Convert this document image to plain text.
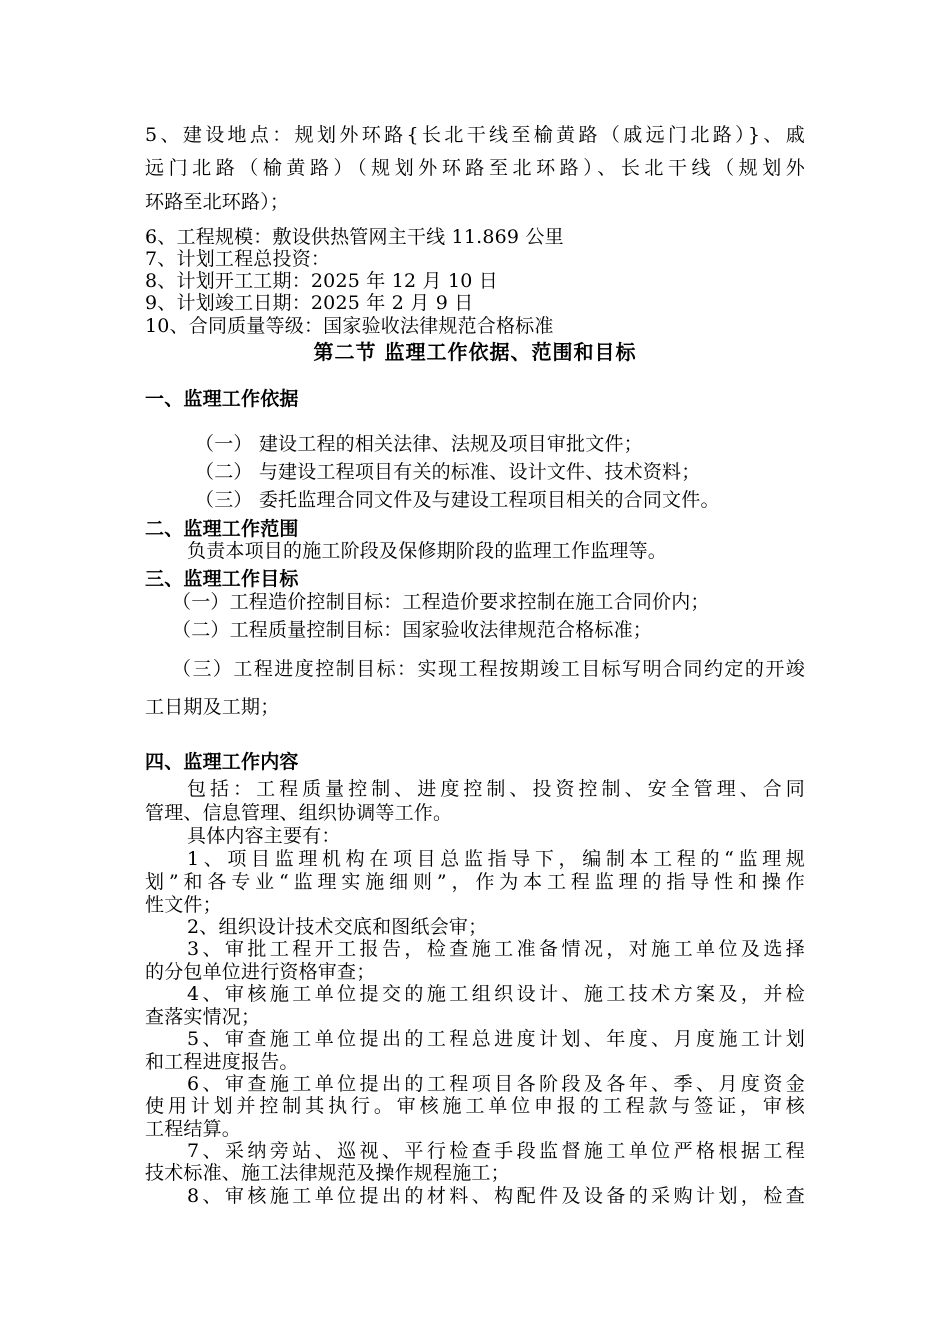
5、建设地点：规划外环路{长北干线至榆黄路（戚远门北路）}、戚
远门北路（榆黄路）（规划外环路至北环路）、长北干线（规划外
环路至北环路）；
6、工程规模：敷设供热管网主干线 11.869 公里
7、计划工程总投资：
8、计划开工工期：2025 年 12 月 10 日
9、计划竣工日期：2025 年 2 月 9 日
10、合同质量等级：国家验收法律规范合格标准
第二节 监理工作依据、范围和目标
一、监理工作依据
（一） 建设工程的相关法律、法规及项目审批文件；
（二） 与建设工程项目有关的标准、设计文件、技术资料；
（三） 委托监理合同文件及与建设工程项目相关的合同文件。
二、监理工作范围
负责本项目的施工阶段及保修期阶段的监理工作监理等。
三、监理工作目标
（一）工程造价控制目标：工程造价要求控制在施工合同价内；
（二）工程质量控制目标：国家验收法律规范合格标准；
（三）工程进度控制目标：实现工程按期竣工目标写明合同约定的开竣
工日期及工期；
四、监理工作内容
包括：工程质量控制、进度控制、投资控制、安全管理、合同
管理、信息管理、组织协调等工作。
具体内容主要有：
1、项目监理机构在项目总监指导下，编制本工程的“监理规
划”和各专业“监理实施细则”，作为本工程监理的指导性和操作
性文件；
2、组织设计技术交底和图纸会审；
3、审批工程开工报告，检查施工准备情况，对施工单位及选择
的分包单位进行资格审查；
4、审核施工单位提交的施工组织设计、施工技术方案及，并检
查落实情况；
5、审查施工单位提出的工程总进度计划、年度、月度施工计划
和工程进度报告。
6、审查施工单位提出的工程项目各阶段及各年、季、月度资金
使用计划并控制其执行。审核施工单位申报的工程款与签证，审核
工程结算。
7、采纳旁站、巡视、平行检查手段监督施工单位严格根据工程
技术标准、施工法律规范及操作规程施工；
8、审核施工单位提出的材料、构配件及设备的采购计划，检查
